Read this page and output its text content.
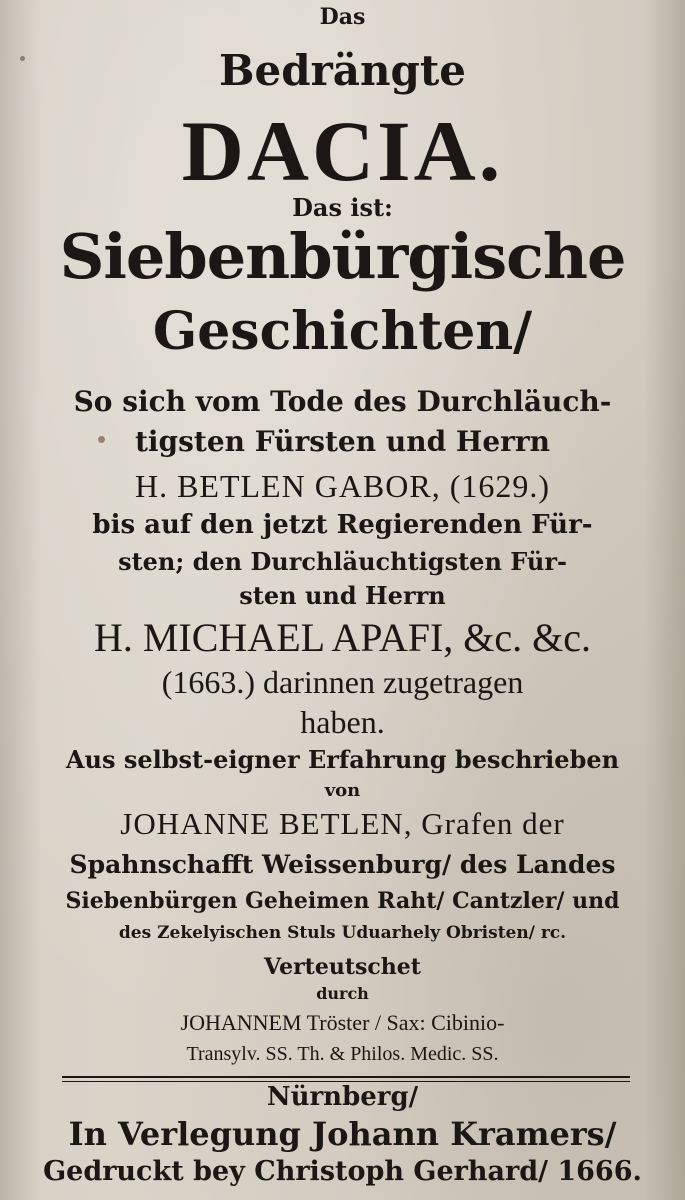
Das
Bedrängte
DACIA.
Das ist:
Siebenbürgische
Geschichten/
So sich vom Tode des Durchläuch-
tigsten Fürsten und Herrn
H. BETLEN GABOR, (1629.)
bis auf den jetzt Regierenden Für-
sten; den Durchläuchtigsten Für-
sten und Herrn
H. MICHAEL APAFI, &c. &c.
(1663.) darinnen zugetragen
haben.
Aus selbst-eigner Erfahrung beschrieben
von
JOHANNE BETLEN, Grafen der
Spahnschafft Weissenburg/ des Landes
Siebenbürgen Geheimen Raht/ Cantzler/ und
des Zekelyischen Stuls Uduarhely Obristen/ rc.
Verteutschet
durch
JOHANNEM Tröster / Sax: Cibinio-
Transylv. SS. Th. & Philos. Medic. SS.
Nürnberg/
In Verlegung Johann Kramers/
Gedruckt bey Christoph Gerhard/ 1666.
